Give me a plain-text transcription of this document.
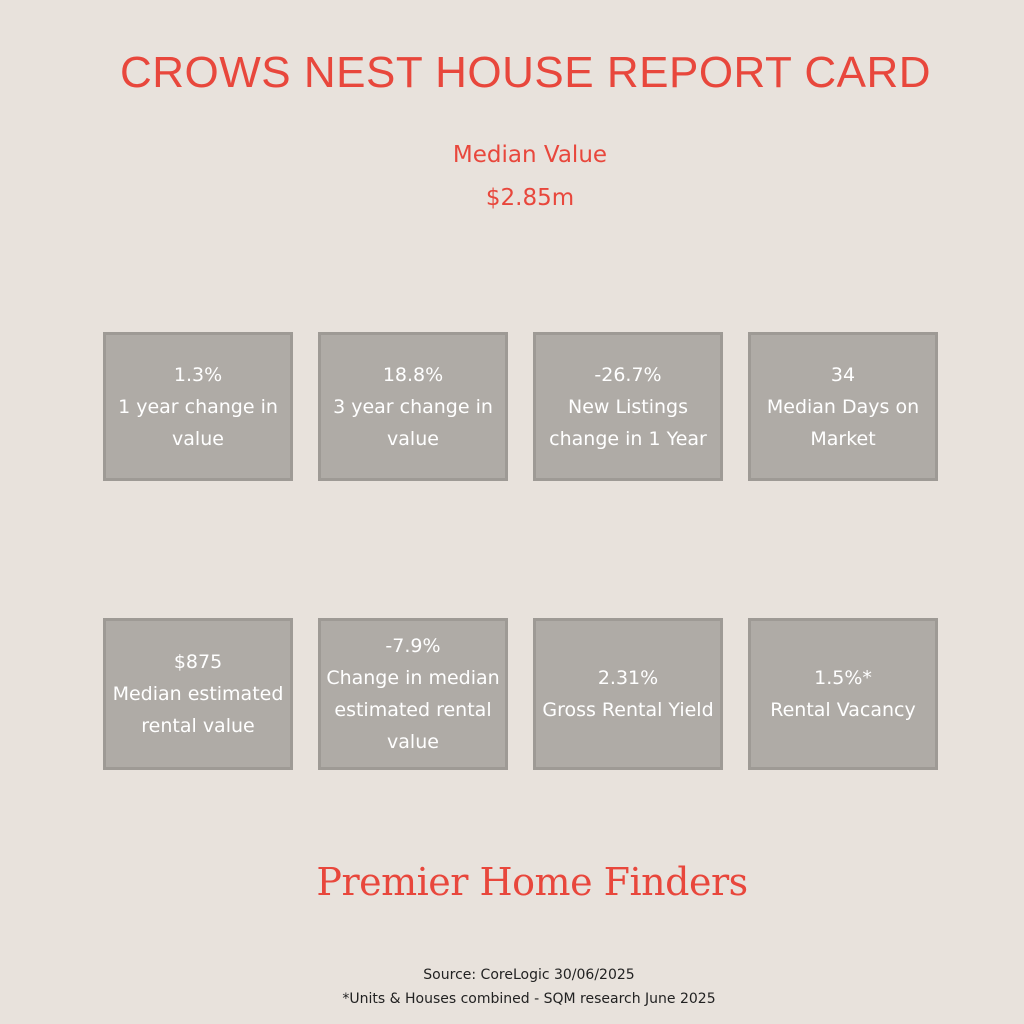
CROWS NEST HOUSE REPORT CARD
Median Value
$2.85m
1.3%
1 year change in value
18.8%
3 year change in value
-26.7%
New Listings change in 1 Year
34
Median Days on Market
$875
Median estimated rental value
-7.9%
Change in median estimated rental value
2.31%
Gross Rental Yield
1.5%*
Rental Vacancy
Premier Home Finders
Source: CoreLogic 30/06/2025
*Units & Houses combined - SQM research June 2025
